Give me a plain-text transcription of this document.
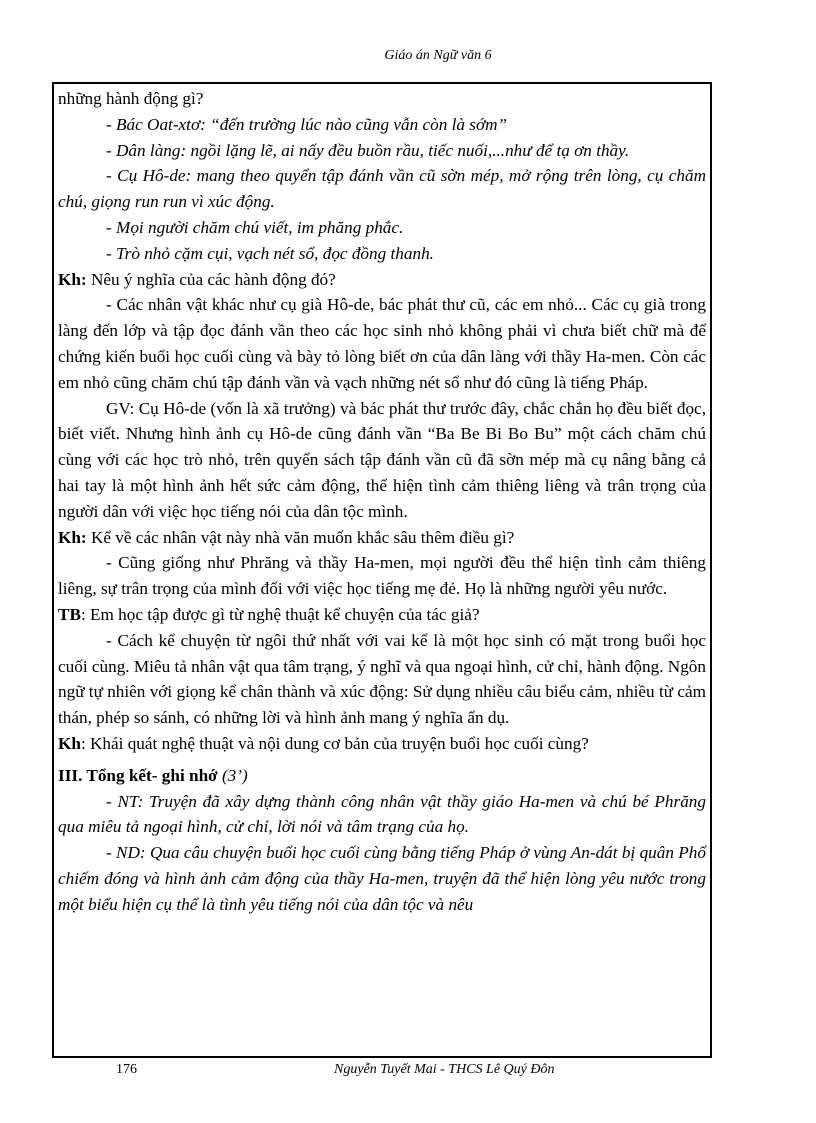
Giáo án Ngữ văn 6

những hành động gì?

- Bác Oat-xtơ: “đến trường lúc nào cũng vẫn còn là sớm”

- Dân làng: ngồi lặng lẽ, ai nấy đều buồn rầu, tiếc nuối,...như để tạ ơn thầy.

- Cụ Hô-de: mang theo quyển tập đánh vần cũ sờn mép, mở rộng trên lòng, cụ chăm chú, giọng run run vì xúc động.

- Mọi người chăm chú viết, im phăng phắc.

- Trò nhỏ cặm cụi, vạch nét sổ, đọc đồng thanh.

Kh: Nêu ý nghĩa của các hành động đó?

- Các nhân vật khác như cụ già Hô-de, bác phát thư cũ, các em nhỏ... Các cụ già trong làng đến lớp và tập đọc đánh vần theo các học sinh nhỏ không phải vì chưa biết chữ mà để chứng kiến buổi học cuối cùng và bày tỏ lòng biết ơn của dân làng với thầy Ha-men. Còn các em nhỏ cũng chăm chú tập đánh vần và vạch những nét sổ như đó cũng là tiếng Pháp.

GV: Cụ Hô-de (vốn là xã trưởng) và bác phát thư trước đây, chắc chắn họ đều biết đọc, biết viết. Nhưng hình ảnh cụ Hô-de cũng đánh vần “Ba Be Bi Bo Bu” một cách chăm chú cùng với các học trò nhỏ, trên quyển sách tập đánh vần cũ đã sờn mép mà cụ nâng bằng cả hai tay là một hình ảnh hết sức cảm động, thể hiện tình cảm thiêng liêng và trân trọng của người dân với việc học tiếng nói của dân tộc mình.

Kh: Kể về các nhân vật này nhà văn muốn khắc sâu thêm điều gì?

- Cũng giống như Phrăng và thầy Ha-men, mọi người đều thể hiện tình cảm thiêng liêng, sự trân trọng của mình đối với việc học tiếng mẹ đẻ. Họ là những người yêu nước.

TB: Em học tập được gì từ nghệ thuật kể chuyện của tác giả?

- Cách kể chuyện từ ngôi thứ nhất với vai kể là một học sinh có mặt trong buổi học cuối cùng. Miêu tả nhân vật qua tâm trạng, ý nghĩ và qua ngoại hình, cử chỉ, hành động. Ngôn ngữ tự nhiên với giọng kể chân thành và xúc động: Sử dụng nhiều câu biểu cảm, nhiều từ cảm thán, phép so sánh, có những lời và hình ảnh mang ý nghĩa ẩn dụ.

Kh: Khái quát nghệ thuật và nội dung cơ bản của truyện buổi học cuối cùng?

III. Tổng kết- ghi nhớ (3’)

- NT: Truyện đã xây dựng thành công nhân vật thầy giáo Ha-men và chú bé Phrăng qua miêu tả ngoại hình, cử chỉ, lời nói và tâm trạng của họ.

- ND: Qua câu chuyện buổi học cuối cùng bằng tiếng Pháp ở vùng An-dát bị quân Phổ chiếm đóng và hình ảnh cảm động của thầy Ha-men, truyện đã thể hiện lòng yêu nước trong một biểu hiện cụ thể là tình yêu tiếng nói của dân tộc và nêu

176	Nguyễn Tuyết Mai - THCS Lê Quý Đôn
